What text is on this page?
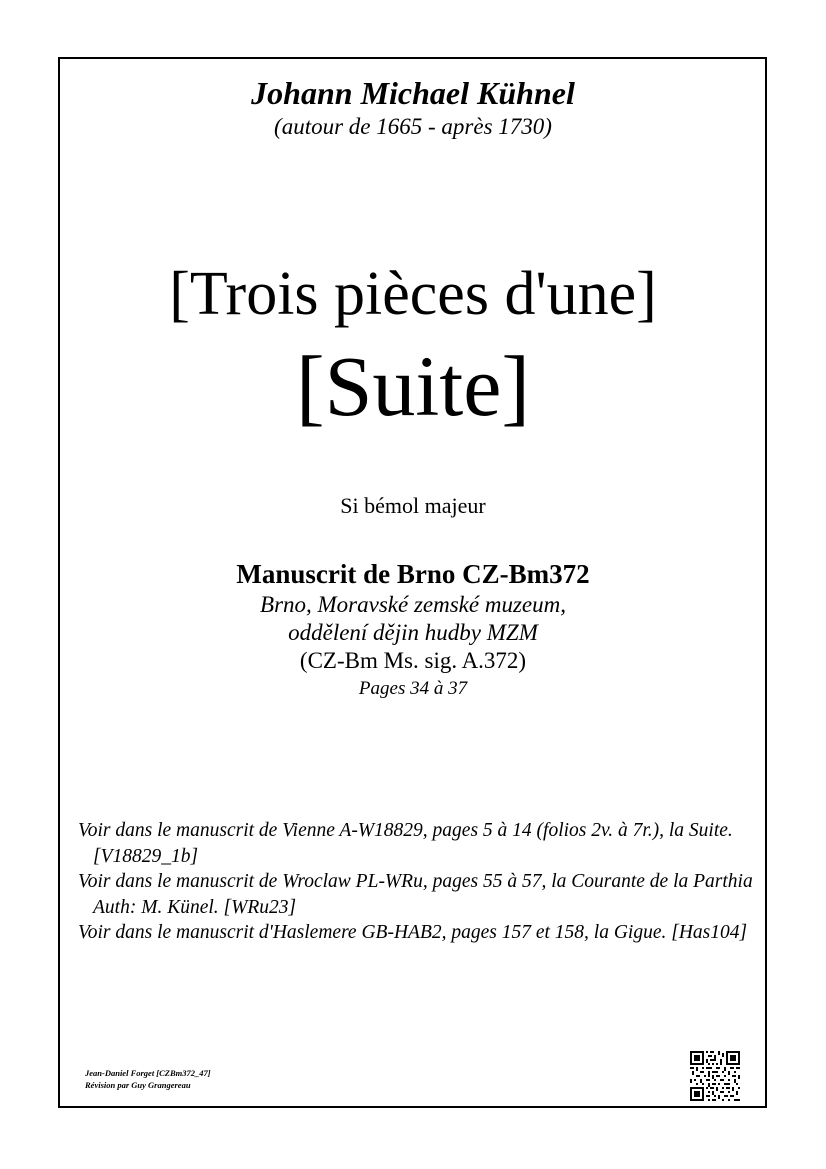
Johann Michael Kühnel
(autour de 1665 - après 1730)
[Trois pièces d'une]
[Suite]
Si bémol majeur
Manuscrit de Brno CZ-Bm372
Brno, Moravské zemské muzeum,
oddělení dějin hudby MZM
(CZ-Bm Ms. sig. A.372)
Pages 34 à 37
Voir dans le manuscrit de Vienne A-W18829, pages 5 à 14 (folios 2v. à 7r.), la Suite. [V18829_1b]
Voir dans le manuscrit de Wroclaw PL-WRu, pages 55 à 57, la Courante de la Parthia Auth: M. Künel. [WRu23]
Voir dans le manuscrit d'Haslemere GB-HAB2, pages 157 et 158, la Gigue. [Has104]
Jean-Daniel Forget [CZBm372_47]
Révision par Guy Grangereau
